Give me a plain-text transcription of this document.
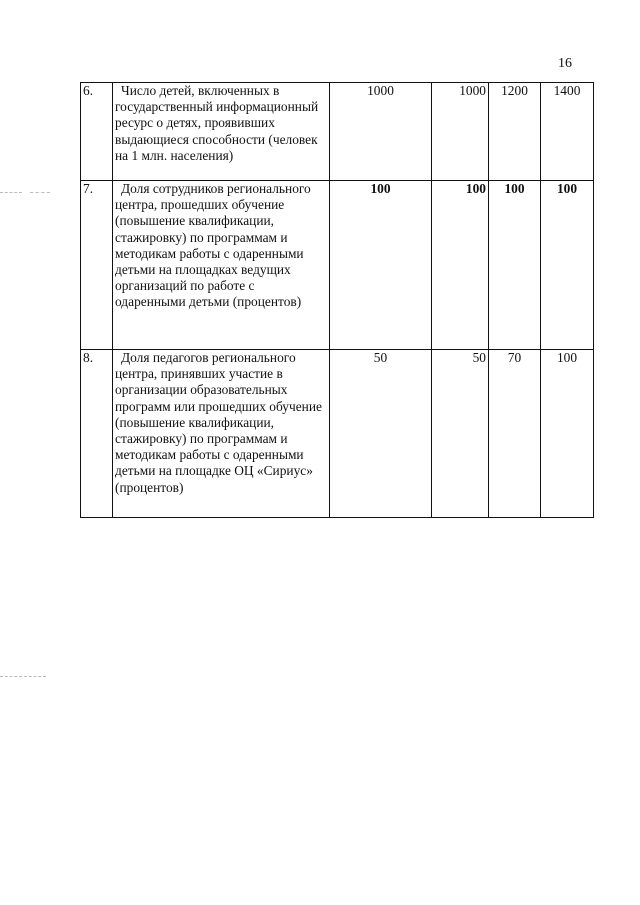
16
6.	Число детей, включенных в государственный информационный ресурс о детях, проявивших выдающиеся способности (человек на 1 млн. населения)	1000	1000	1200	1400
7.	Доля сотрудников регионального центра, прошедших обучение (повышение квалификации, стажировку) по программам и методикам работы с одаренными детьми на площадках ведущих организаций по работе с одаренными детьми (процентов)	100	100	100	100
8.	Доля педагогов регионального центра, принявших участие в организации образовательных программ или прошедших обучение (повышение квалификации, стажировку) по программам и методикам работы с одаренными детьми на площадке ОЦ «Сириус» (процентов)	50	50	70	100
